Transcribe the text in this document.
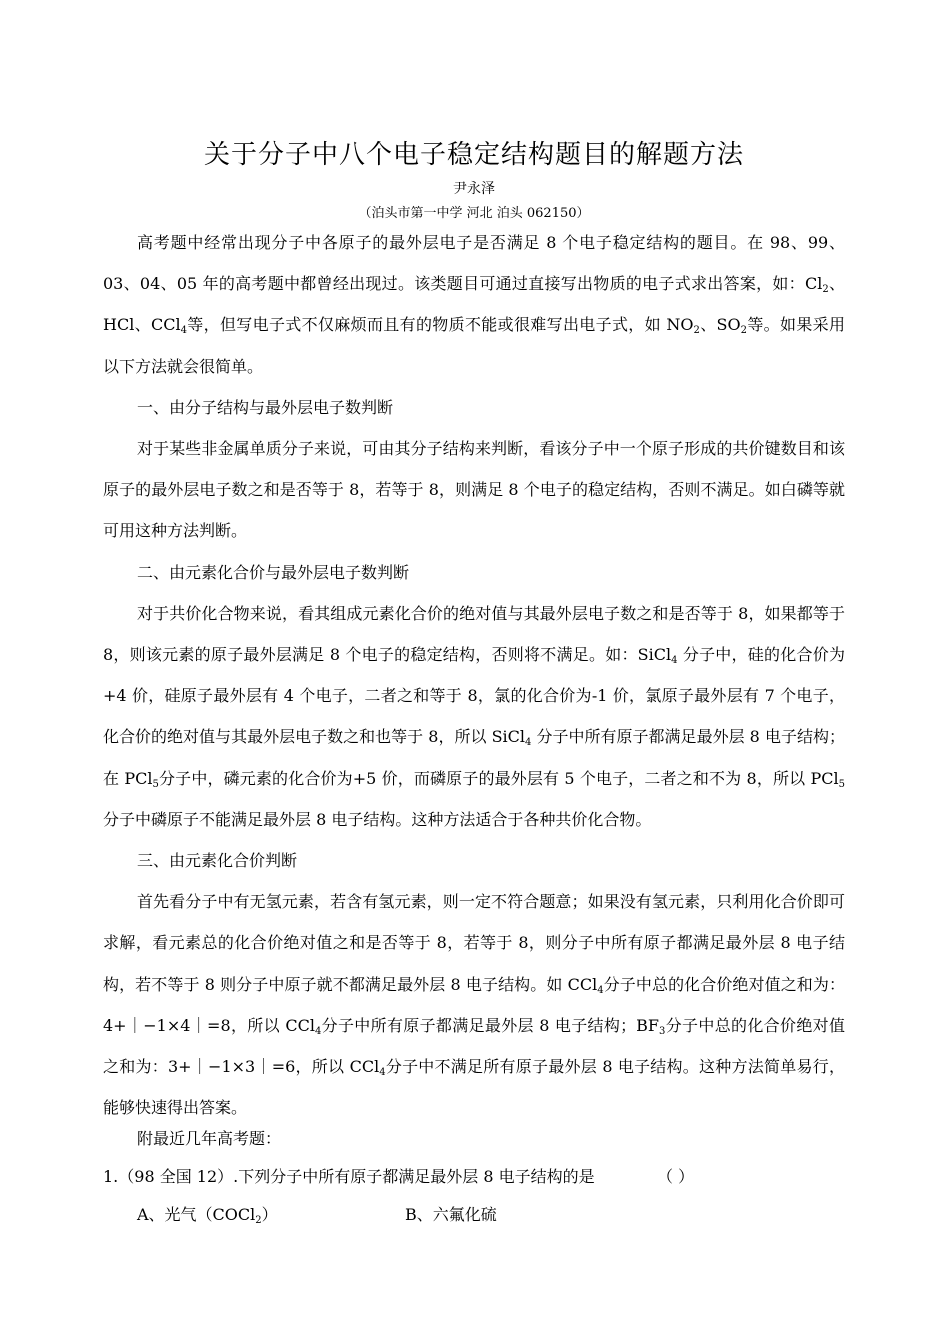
关于分子中八个电子稳定结构题目的解题方法
尹永泽
（泊头市第一中学 河北 泊头 062150）

高考题中经常出现分子中各原子的最外层电子是否满足 8 个电子稳定结构的题目。在 98、99、03、04、05 年的高考题中都曾经出现过。该类题目可通过直接写出物质的电子式求出答案，如：$Cl_2$、HCl、CCl$_4$等，但写电子式不仅麻烦而且有的物质不能或很难写出电子式，如 $NO_2$、$SO_2$等。如果采用以下方法就会很简单。

一、由分子结构与最外层电子数判断

对于某些非金属单质分子来说，可由其分子结构来判断，看该分子中一个原子形成的共价键数目和该原子的最外层电子数之和是否等于 8，若等于 8，则满足 8 个电子的稳定结构，否则不满足。如白磷等就可用这种方法判断。

二、由元素化合价与最外层电子数判断

对于共价化合物来说，看其组成元素化合价的绝对值与其最外层电子数之和是否等于 8，如果都等于 8，则该元素的原子最外层满足 8 个电子的稳定结构，否则将不满足。如：SiCl$_4$ 分子中，硅的化合价为+4 价，硅原子最外层有 4 个电子，二者之和等于 8，氯的化合价为-1 价，氯原子最外层有 7 个电子，化合价的绝对值与其最外层电子数之和也等于 8，所以 SiCl$_4$ 分子中所有原子都满足最外层 8 电子结构；在 PCl$_5$分子中，磷元素的化合价为+5 价，而磷原子的最外层有 5 个电子，二者之和不为 8，所以 PCl$_5$分子中磷原子不能满足最外层 8 电子结构。这种方法适合于各种共价化合物。

三、由元素化合价判断

首先看分子中有无氢元素，若含有氢元素，则一定不符合题意；如果没有氢元素，只利用化合价即可求解，看元素总的化合价绝对值之和是否等于 8，若等于 8，则分子中所有原子都满足最外层 8 电子结构，若不等于 8 则分子中原子就不都满足最外层 8 电子结构。如 CCl$_4$分子中总的化合价绝对值之和为：4+｜−1×4｜=8，所以 CCl$_4$分子中所有原子都满足最外层 8 电子结构；$BF_3$分子中总的化合价绝对值之和为：3+｜−1×3｜=6，所以 CCl$_4$分子中不满足所有原子最外层 8 电子结构。这种方法简单易行，能够快速得出答案。

附最近几年高考题：

1.（98 全国 12）.下列分子中所有原子都满足最外层 8 电子结构的是	（ ）
A、光气（COCl$_2$）	B、六氟化硫
